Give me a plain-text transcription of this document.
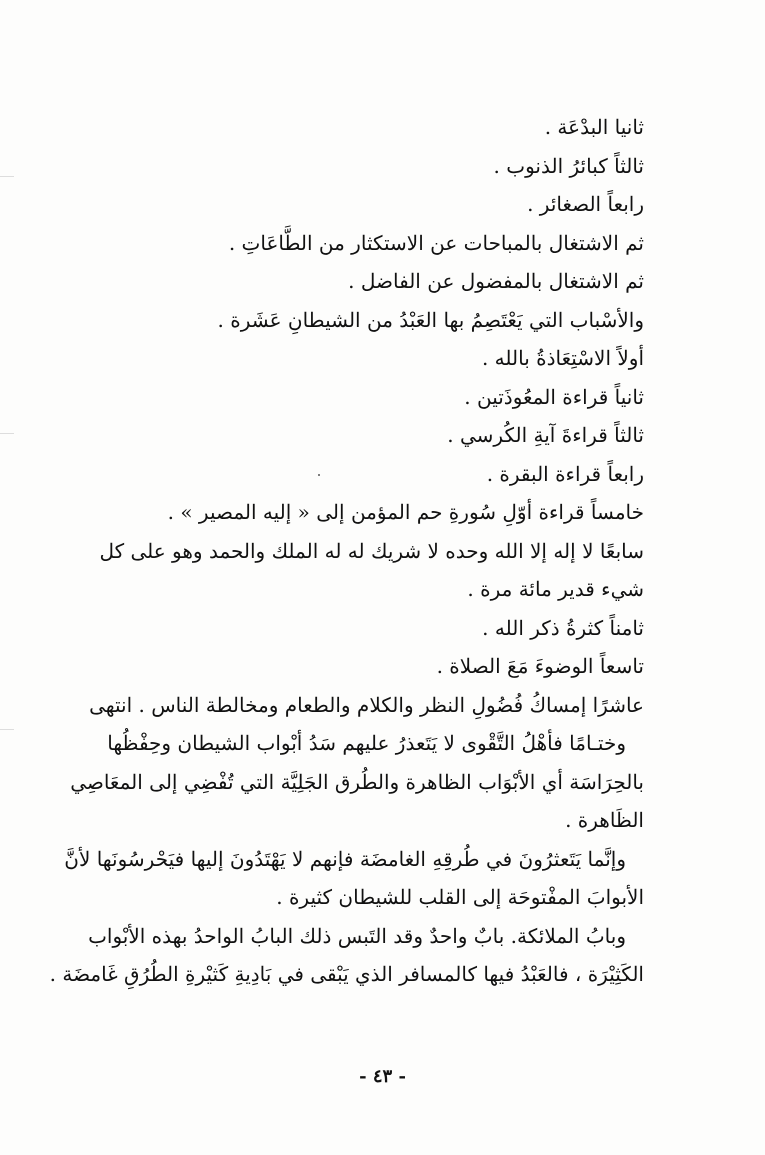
ثانيا البدْعَة .
ثالثاً كبائرُ الذنوب .
رابعاً الصغائر .
ثم الاشتغال بالمباحات عن الاستكثار من الطَّاعَاتِ .
ثم الاشتغال بالمفضول عن الفاضل .
والأسْباب التي يَعْتَصِمُ بها العَبْدُ من الشيطانِ عَشَرة .
أولاً الاسْتِعَاذةُ بالله .
ثانياً قراءة المعُوذَتين .
ثالثاً قراءةَ آيةِ الكُرسي .
رابعاً قراءة البقرة .
خامساً قراءة أوّلِ سُورةِ حم المؤمن إلى « إليه المصير » .
سابعًا لا إله إلا الله وحده لا شريك له له الملك والحمد وهو على كل
شيء قدير مائة مرة .
ثامناً كثرةُ ذكر الله .
تاسعاً الوضوءَ مَعَ الصلاة .
عاشرًا إمساكُ فُضُولِ النظر والكلام والطعام ومخالطة الناس . انتهى
وختـامًا فأهْلُ التَّقْوى لا يَتَعذرُ عليهم سَدُ أبْواب الشيطان وحِفْظُها
بالحِرَاسَة أي الأبْوَاب الظاهرة والطُرق الجَلِيَّة التي تُفْضِي إلى المعَاصِي
الظَاهرة .
وإنَّما يَتَعثرُونَ في طُرقِهِ الغامضَة فإنهم لا يَهْتَدُونَ إليها فيَحْرسُونَها لأنَّ
الأبوابَ المفْتوحَة إلى القلب للشيطان كثيرة .
وبابُ الملائكة. بابٌ واحدٌ وقد التَبس ذلك البابُ الواحدُ بهذه الأبْواب
الكَثِيْرَة ، فالعَبْدُ فيها كالمسافر الذي يَبْقى في بَادِيةِ كَثيْرةِ الطُرُقِ غَامضَة .
- ٤٣ -
